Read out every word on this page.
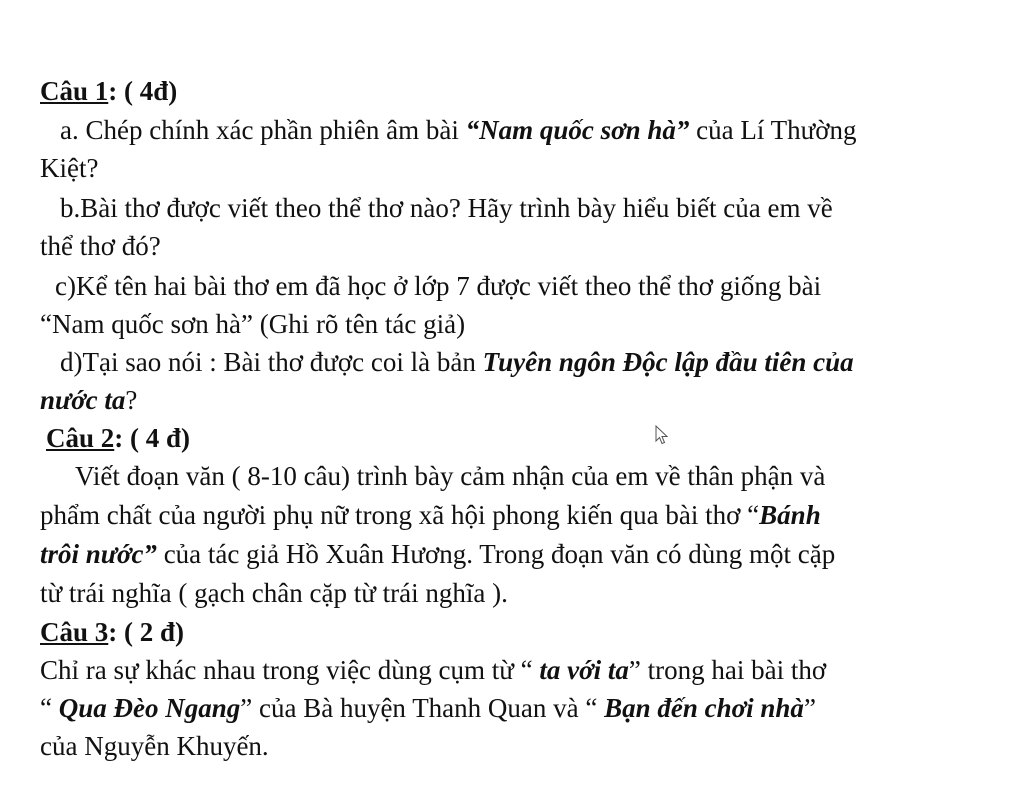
Câu 1: ( 4đ)
a. Chép chính xác phần phiên âm bài “Nam quốc sơn hà” của Lí Thường
Kiệt?
b.Bài thơ được viết theo thể thơ nào? Hãy trình bày hiểu biết của em về
thể thơ đó?
c)Kể tên hai bài thơ em đã học ở lớp 7 được viết theo thể thơ giống bài
“Nam quốc sơn hà” (Ghi rõ tên tác giả)
d)Tại sao nói : Bài thơ được coi là bản Tuyên ngôn Độc lập đầu tiên của
nước ta?
Câu 2: ( 4 đ)
Viết đoạn văn ( 8-10 câu) trình bày cảm nhận của em về thân phận và
phẩm chất của người phụ nữ trong xã hội phong kiến qua bài thơ “Bánh
trôi nước” của tác giả Hồ Xuân Hương. Trong đoạn văn có dùng một cặp
từ trái nghĩa ( gạch chân cặp từ trái nghĩa ).
Câu 3: ( 2 đ)
Chỉ ra sự khác nhau trong việc dùng cụm từ “ ta với ta” trong hai bài thơ
“ Qua Đèo Ngang” của Bà huyện Thanh Quan và “ Bạn đến chơi nhà”
của Nguyễn Khuyến.
